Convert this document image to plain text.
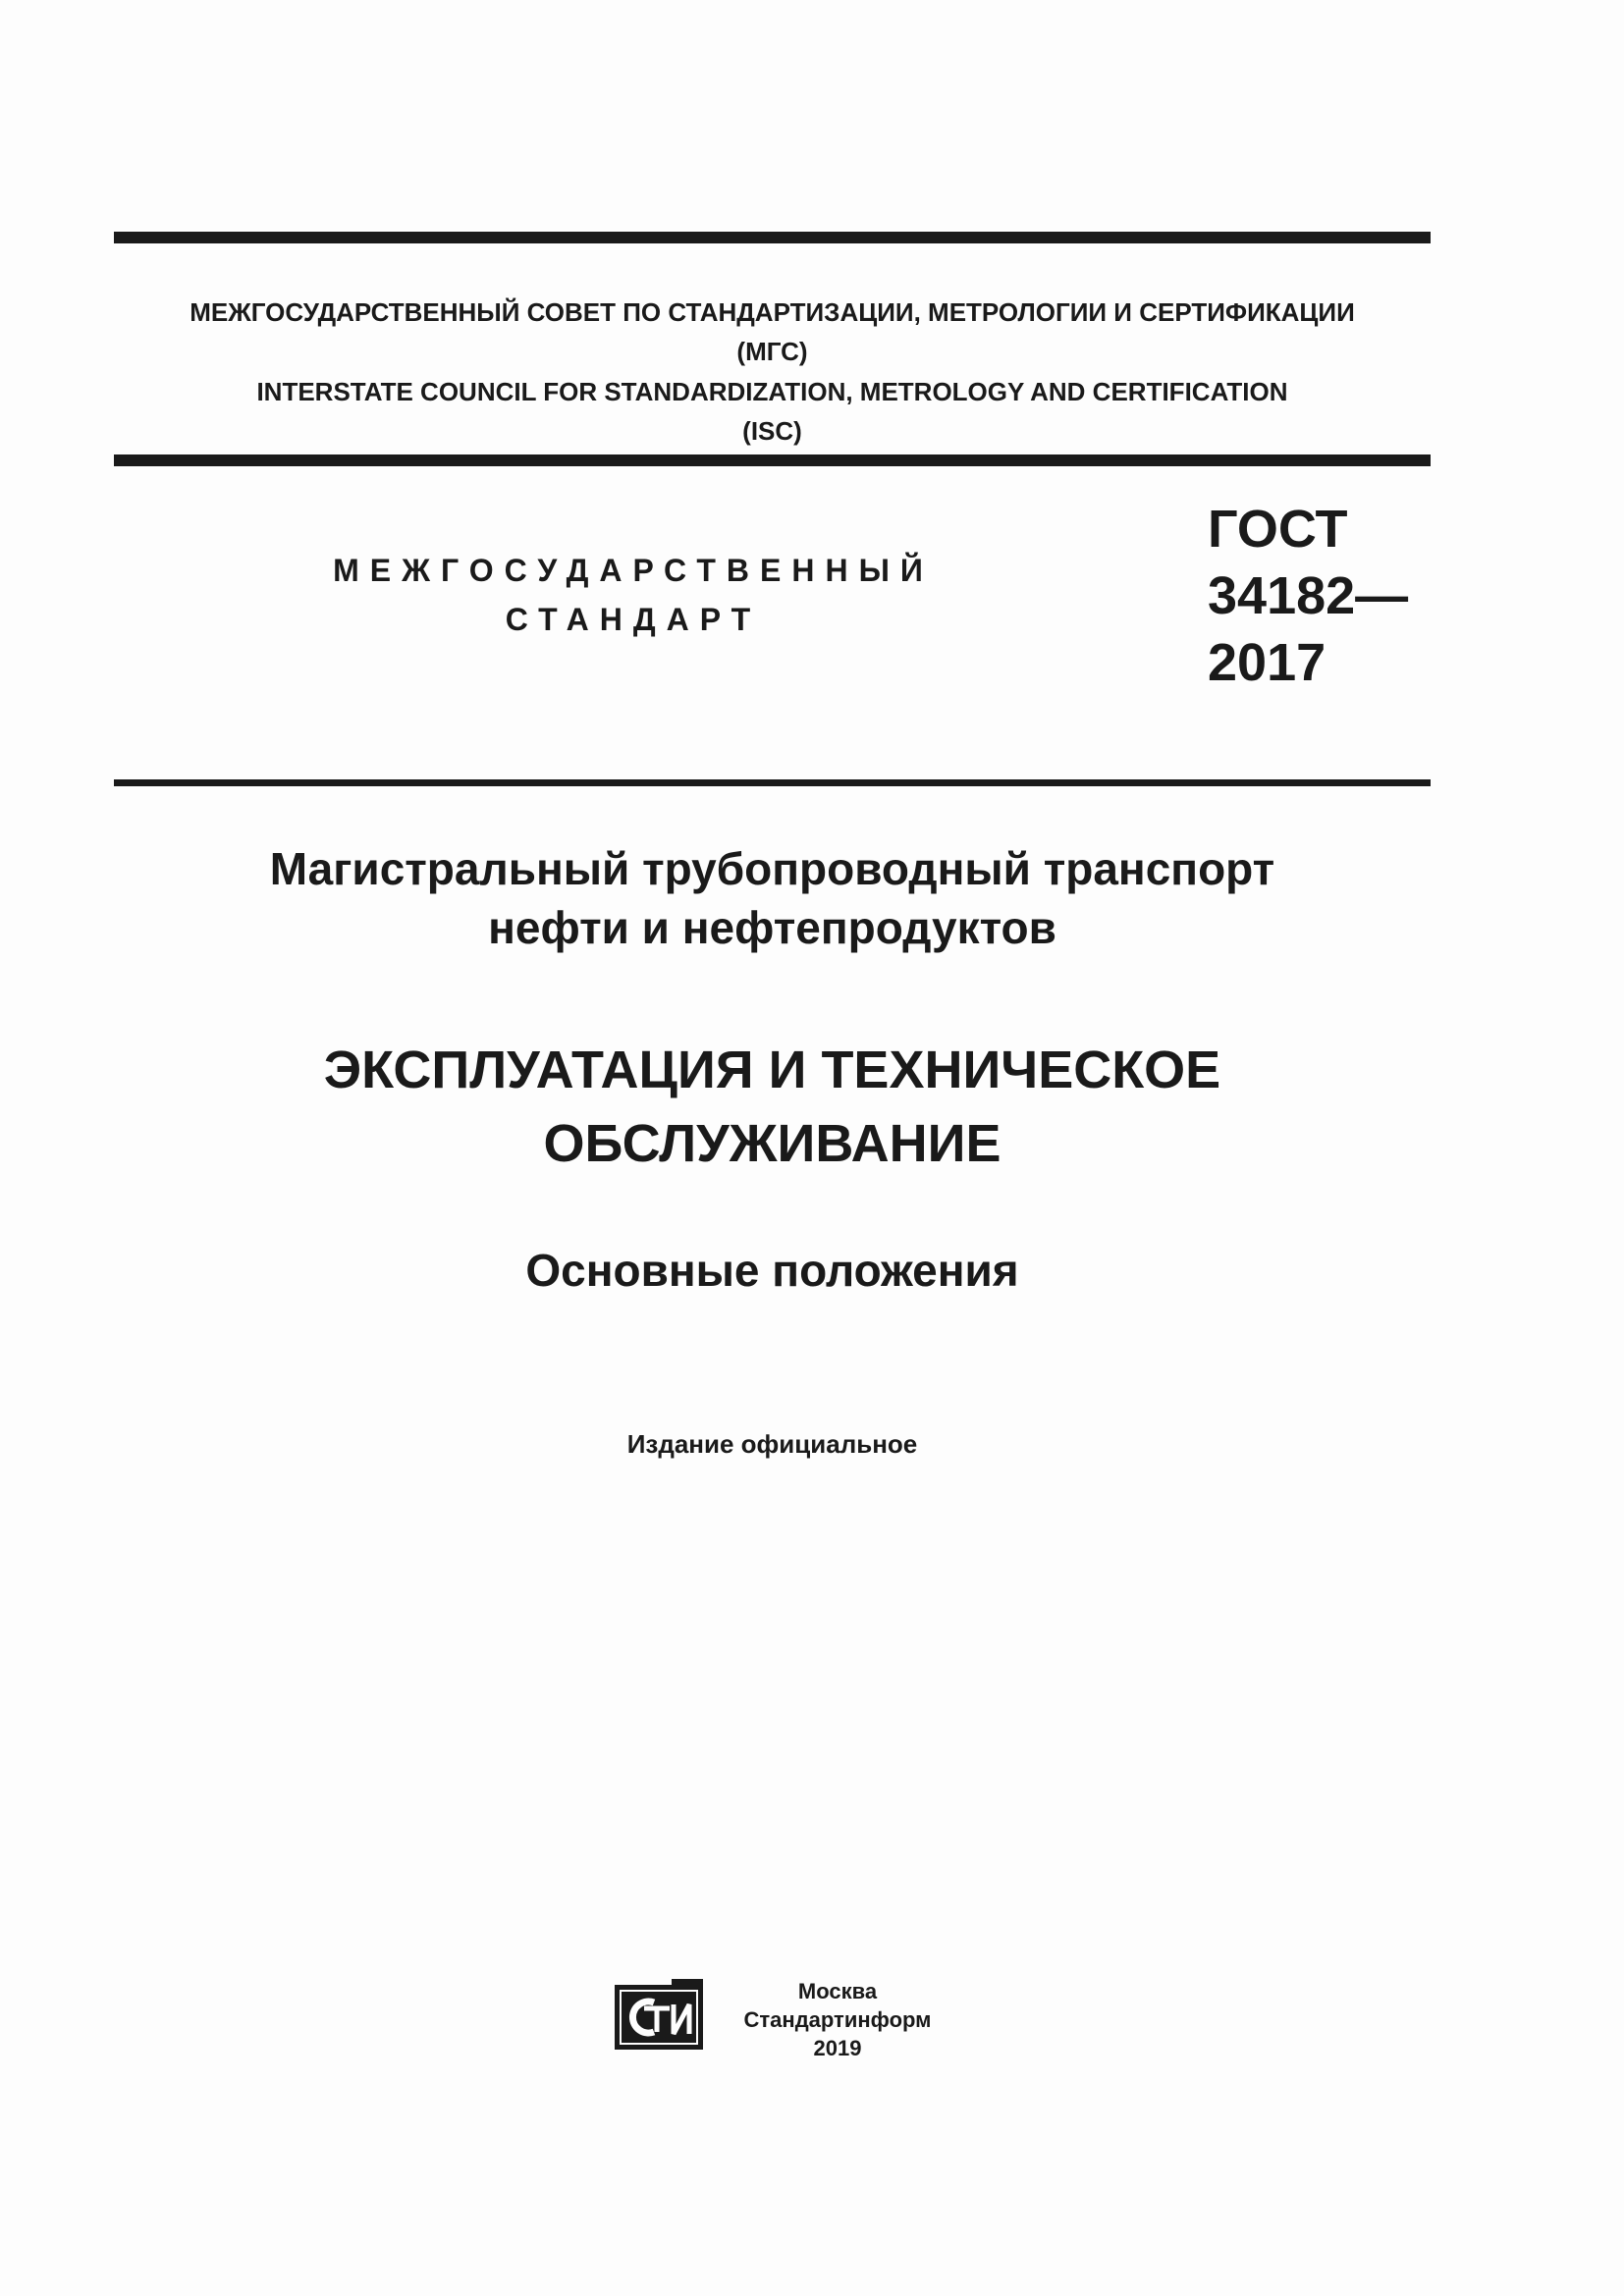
МЕЖГОСУДАРСТВЕННЫЙ СОВЕТ ПО СТАНДАРТИЗАЦИИ, МЕТРОЛОГИИ И СЕРТИФИКАЦИИ
(МГС)
INTERSTATE COUNCIL FOR STANDARDIZATION, METROLOGY AND CERTIFICATION
(ISC)
МЕЖГОСУДАРСТВЕННЫЙ
СТАНДАРТ
ГОСТ
34182—
2017
Магистральный трубопроводный транспорт
нефти и нефтепродуктов
ЭКСПЛУАТАЦИЯ И ТЕХНИЧЕСКОЕ
ОБСЛУЖИВАНИЕ
Основные положения
Издание официальное
Москва
Стандартинформ
2019
